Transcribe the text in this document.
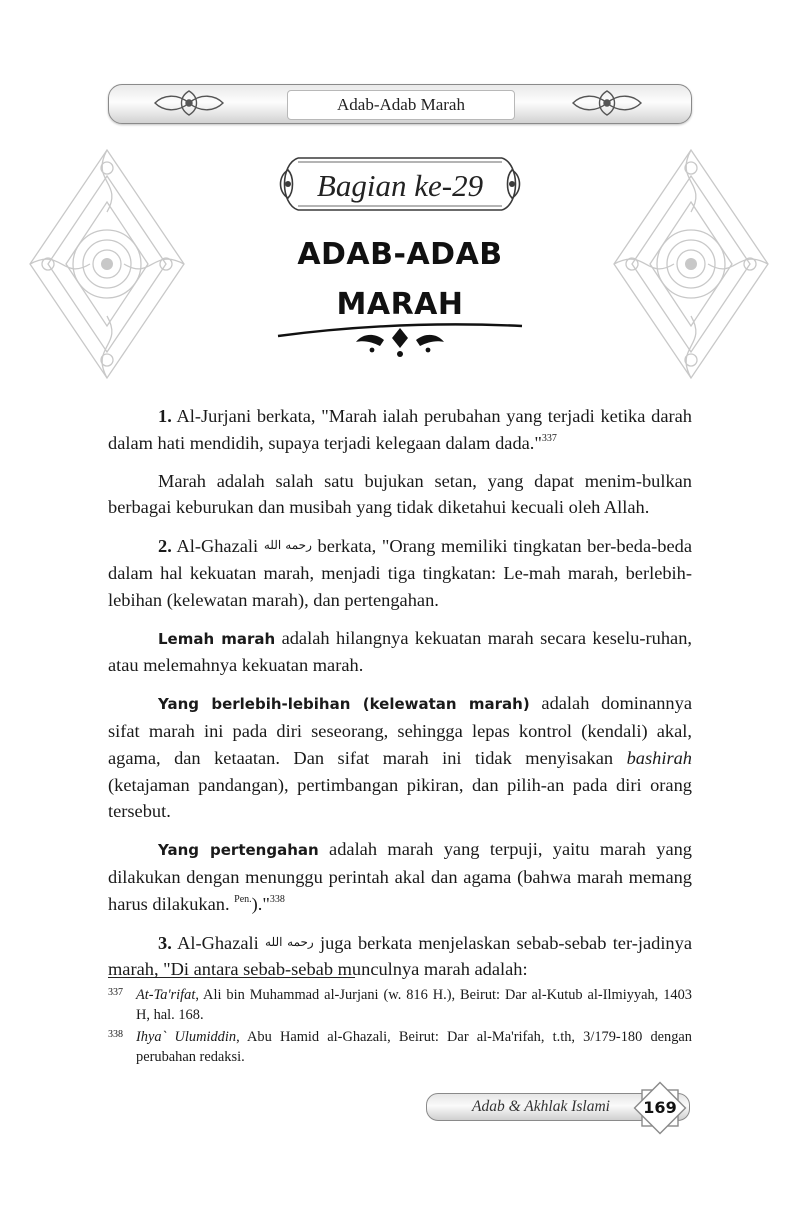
Adab-Adab Marah
Bagian ke-29
ADAB-ADAB
MARAH

1. Al-Jurjani berkata, "Marah ialah perubahan yang terjadi ketika darah dalam hati mendidih, supaya terjadi kelegaan dalam dada."$^{337}$

Marah adalah salah satu bujukan setan, yang dapat menim-bulkan berbagai keburukan dan musibah yang tidak diketahui kecuali oleh Allah.

2. Al-Ghazali رحمه الله berkata, "Orang memiliki tingkatan ber-beda-beda dalam hal kekuatan marah, menjadi tiga tingkatan: Le-mah marah, berlebih-lebihan (kelewatan marah), dan pertengahan.

Lemah marah adalah hilangnya kekuatan marah secara keselu-ruhan, atau melemahnya kekuatan marah.

Yang berlebih-lebihan (kelewatan marah) adalah dominannya sifat marah ini pada diri seseorang, sehingga lepas kontrol (kendali) akal, agama, dan ketaatan. Dan sifat marah ini tidak menyisakan bashirah (ketajaman pandangan), pertimbangan pikiran, dan pilih-an pada diri orang tersebut.

Yang pertengahan adalah marah yang terpuji, yaitu marah yang dilakukan dengan menunggu perintah akal dan agama (bahwa marah memang harus dilakukan. $^{Pen.}$)."$^{338}$

3. Al-Ghazali رحمه الله juga berkata menjelaskan sebab-sebab ter-jadinya marah, "Di antara sebab-sebab munculnya marah adalah:

337 At-Ta'rifat, Ali bin Muhammad al-Jurjani (w. 816 H.), Beirut: Dar al-Kutub al-Ilmiyyah, 1403 H, hal. 168.
338 Ihya` Ulumiddin, Abu Hamid al-Ghazali, Beirut: Dar al-Ma'rifah, t.th, 3/179-180 dengan perubahan redaksi.
Adab & Akhlak Islami	169
